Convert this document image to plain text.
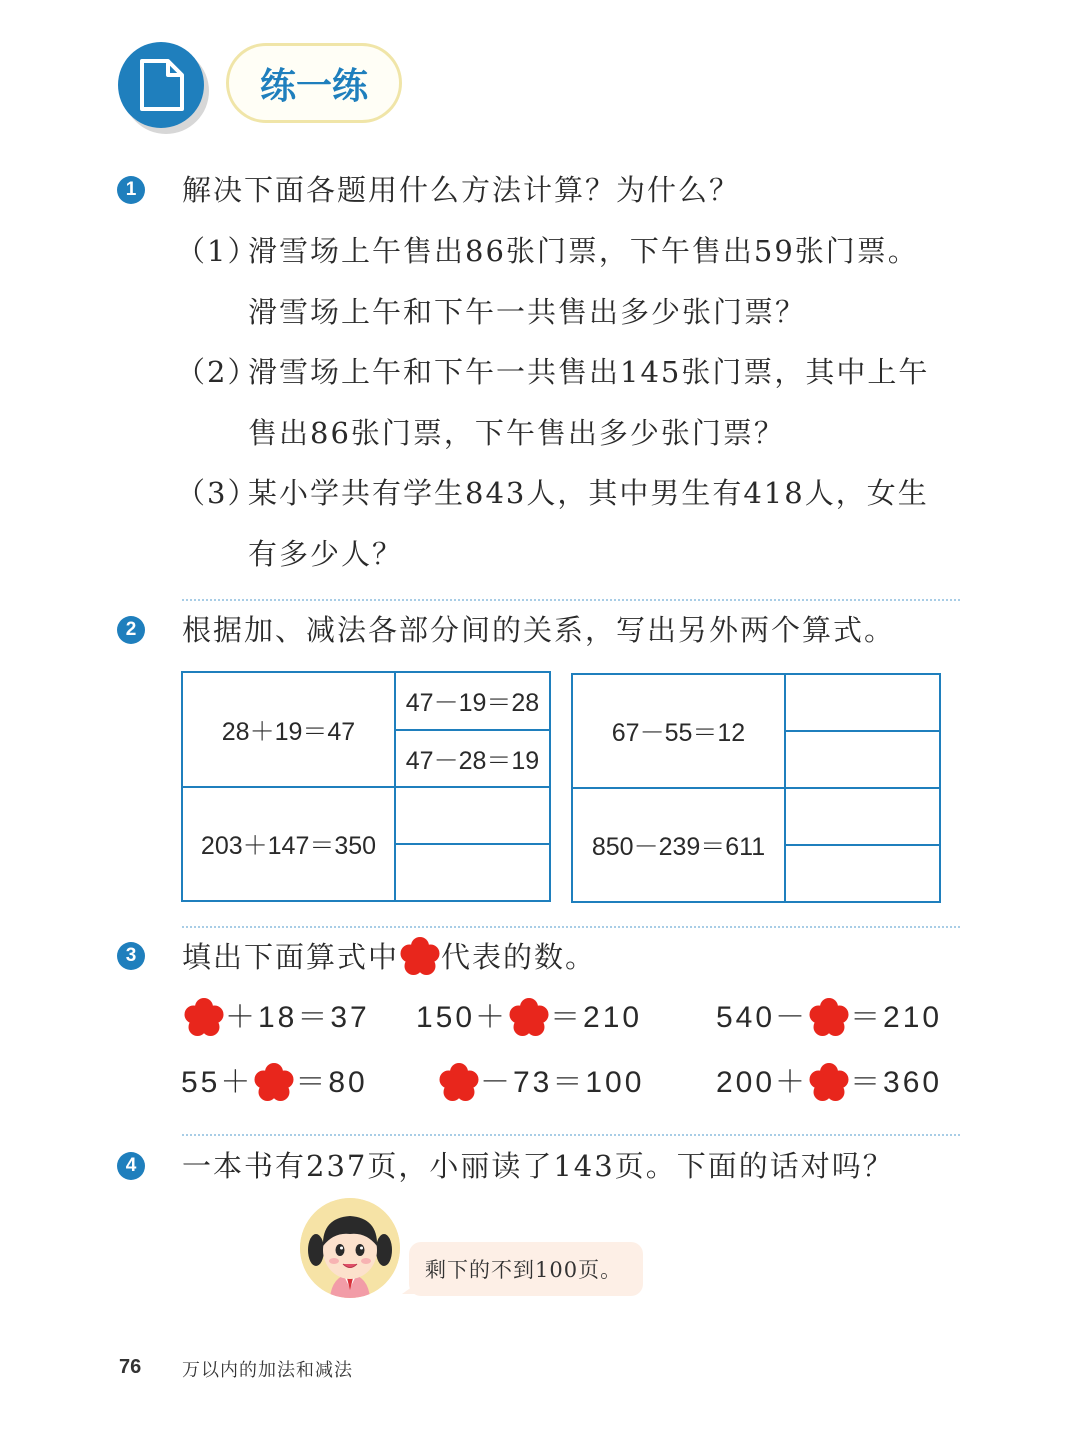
练一练
1	解决下面各题用什么方法计算？为什么？
（1）
滑雪场上午售出86张门票，下午售出59张门票。
滑雪场上午和下午一共售出多少张门票？
（2）
滑雪场上午和下午一共售出145张门票，其中上午
售出86张门票，下午售出多少张门票？
（3）
某小学共有学生843人，其中男生有418人，女生
有多少人？
2	根据加、减法各部分间的关系，写出另外两个算式。
28＋19＝47	47－19＝28
	47－28＝19
203＋147＝350	

67－55＝12	

850－239＝611	

3	填出下面算式中 代表的数。
＋18＝37 150＋ ＝210 540－ ＝210
55＋ ＝80	－73＝100 200＋ ＝360
4	一本书有237页，小丽读了143页。下面的话对吗？
剩下的不到100页。
76 万以内的加法和减法
